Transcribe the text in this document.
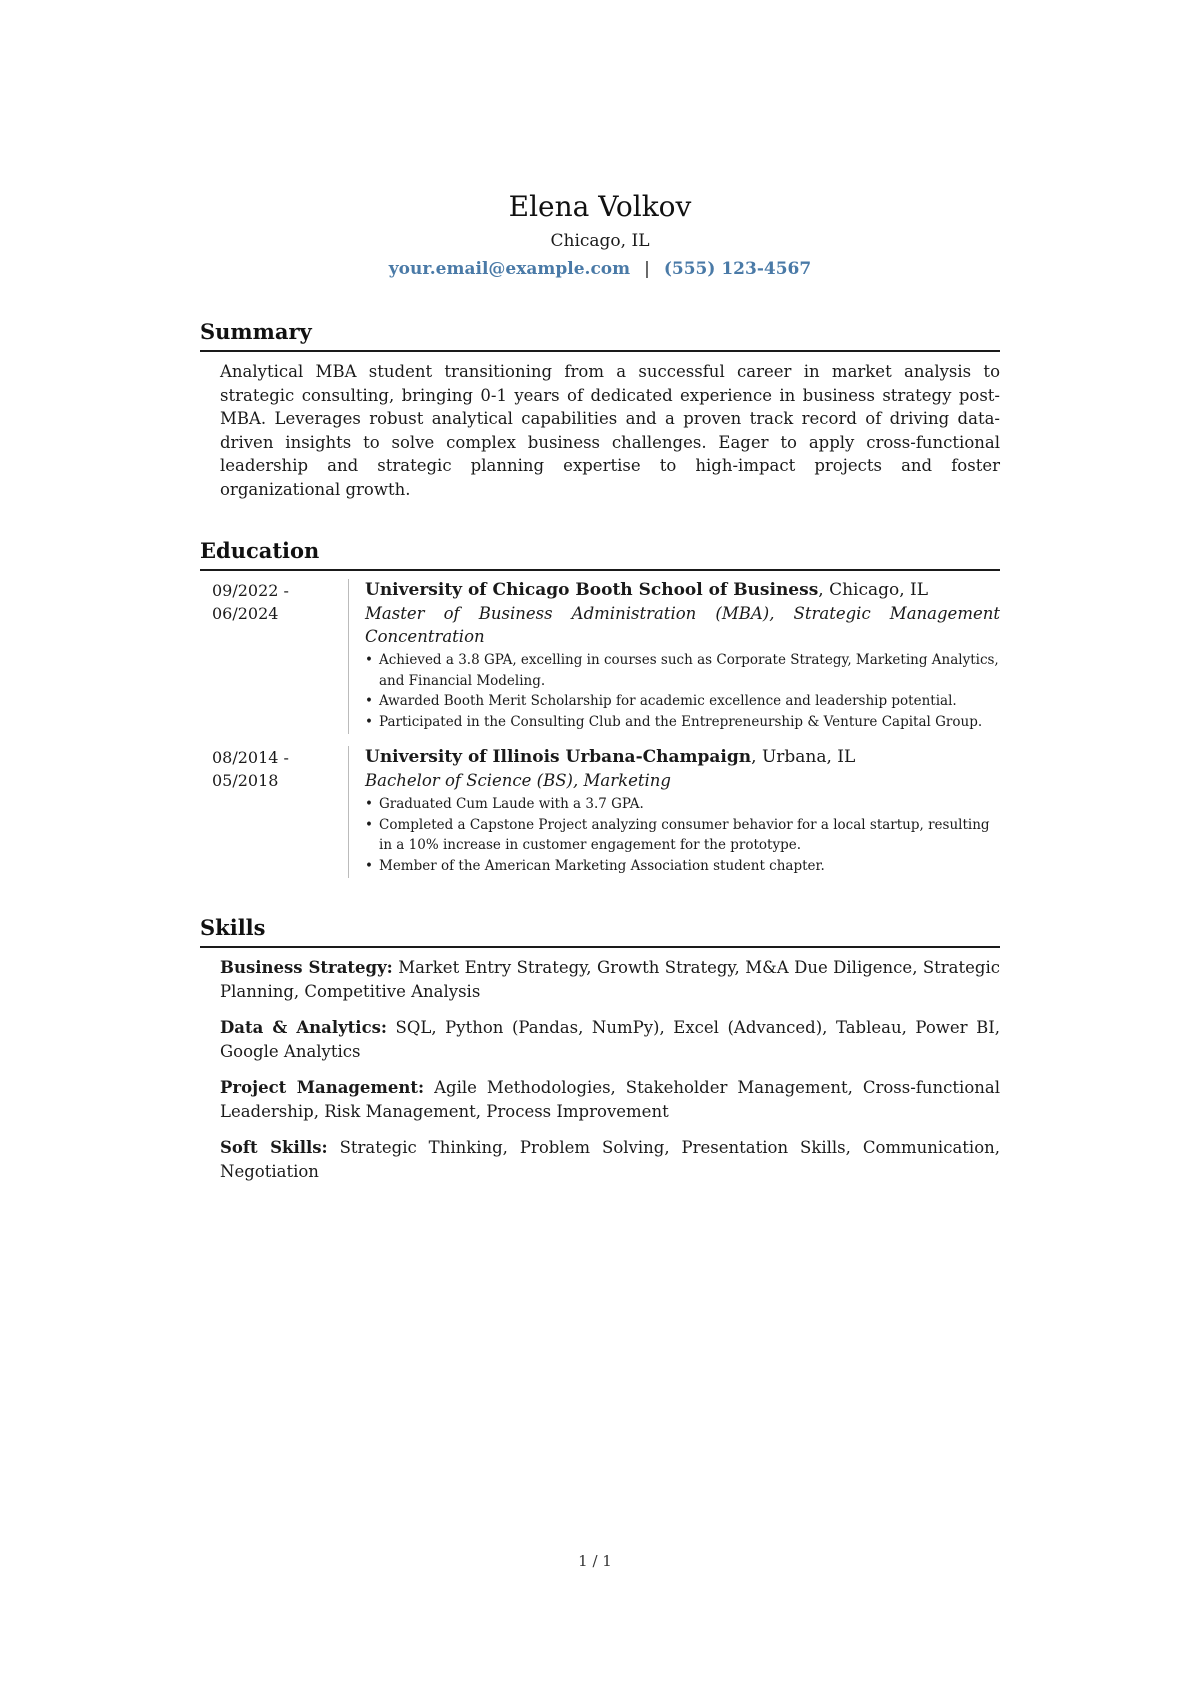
Elena Volkov
Chicago, IL
your.email@example.com | (555) 123-4567
Summary

Analytical MBA student transitioning from a successful career in market analysis to strategic consulting, bringing 0-1 years of dedicated experience in business strategy post-MBA. Leverages robust analytical capabilities and a proven track record of driving data-driven insights to solve complex business challenges. Eager to apply cross-functional leadership and strategic planning expertise to high-impact projects and foster organizational growth.

Education
09/2022 - 06/2024
University of Chicago Booth School of Business, Chicago, IL
Master of Business Administration (MBA), Strategic Management Concentration
• Achieved a 3.8 GPA, excelling in courses such as Corporate Strategy, Marketing Analytics, and Financial Modeling.
• Awarded Booth Merit Scholarship for academic excellence and leadership potential.
• Participated in the Consulting Club and the Entrepreneurship & Venture Capital Group.
08/2014 - 05/2018
University of Illinois Urbana-Champaign, Urbana, IL
Bachelor of Science (BS), Marketing
• Graduated Cum Laude with a 3.7 GPA.
• Completed a Capstone Project analyzing consumer behavior for a local startup, resulting in a 10% increase in customer engagement for the prototype.
• Member of the American Marketing Association student chapter.
Skills

Business Strategy: Market Entry Strategy, Growth Strategy, M&A Due Diligence, Strategic Planning, Competitive Analysis

Data & Analytics: SQL, Python (Pandas, NumPy), Excel (Advanced), Tableau, Power BI, Google Analytics

Project Management: Agile Methodologies, Stakeholder Management, Cross-functional Leadership, Risk Management, Process Improvement

Soft Skills: Strategic Thinking, Problem Solving, Presentation Skills, Communication, Negotiation

1 / 1
